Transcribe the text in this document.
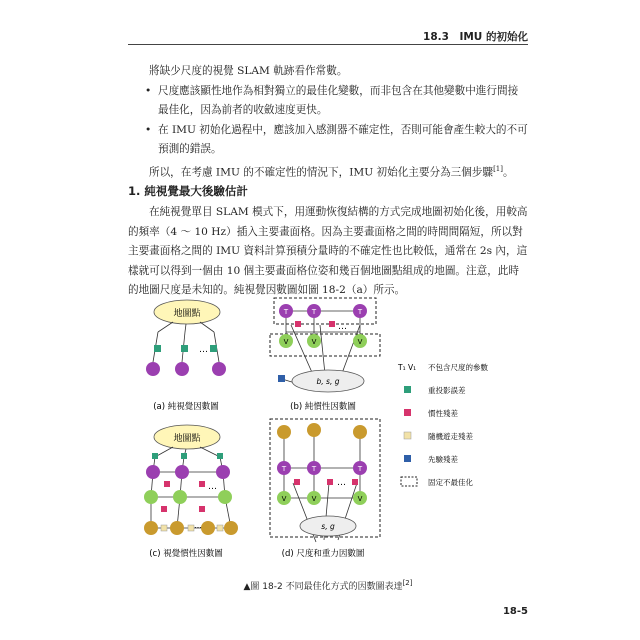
18.3　IMU 的初始化

將缺少尺度的視覺 SLAM 軌跡看作常數。

• 尺度應該顯性地作為相對獨立的最佳化變數，而非包含在其他變數中進行間接最佳化，因為前者的收斂速度更快。

• 在 IMU 初始化過程中，應該加入感測器不確定性，否則可能會產生較大的不可預測的錯誤。

所以，在考慮 IMU 的不確定性的情況下，IMU 初始化主要分為三個步驟[1]。

1. 純視覺最大後驗估計

在純視覺單目 SLAM 模式下，用運動恢復結構的方式完成地圖初始化後，用較高的頻率（4 ～ 10 Hz）插入主要畫面格。因為主要畫面格之間的時間間隔短，所以對主要畫面格之間的 IMU 資料計算預積分量時的不確定性也比較低，通常在 2s 內，這樣就可以得到一個由 10 個主要畫面格位姿和幾百個地圖點組成的地圖。注意，此時的地圖尺度是未知的。純視覺因數圖如圖 18-2（a）所示。

地圖點
…
(a) 純視覺因數圖
T	T	T
…
V	V	V
b, s, g
(b) 純慣性因數圖
T₁ V₁ 不包含尺度的參數
重投影誤差
慣性殘差
隨機遊走殘差
先驗殘差
固定不最佳化
地圖點
…
…
(c) 視覺慣性因數圖
T	T	T
…
V	V	V
s, g
(d) 尺度和重力因數圖
▲圖 18-2 不同最佳化方式的因數圖表達[2]
18-5
